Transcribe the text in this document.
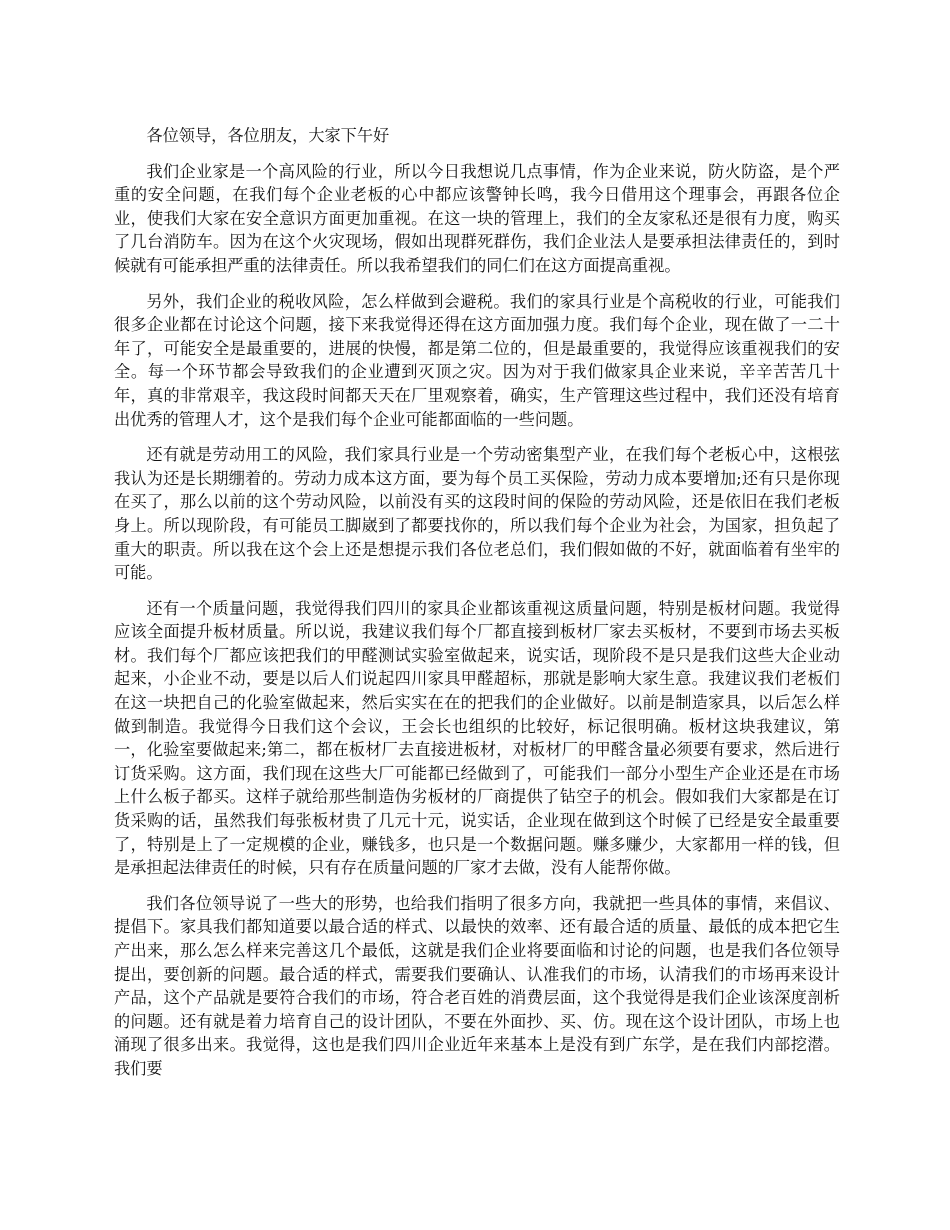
各位领导，各位朋友，大家下午好

我们企业家是一个高风险的行业，所以今日我想说几点事情，作为企业来说，防火防盗，是个严重的安全问题，在我们每个企业老板的心中都应该警钟长鸣，我今日借用这个理事会，再跟各位企业，使我们大家在安全意识方面更加重视。在这一块的管理上，我们的全友家私还是很有力度，购买了几台消防车。因为在这个火灾现场，假如出现群死群伤，我们企业法人是要承担法律责任的，到时候就有可能承担严重的法律责任。所以我希望我们的同仁们在这方面提高重视。

另外，我们企业的税收风险，怎么样做到会避税。我们的家具行业是个高税收的行业，可能我们很多企业都在讨论这个问题，接下来我觉得还得在这方面加强力度。我们每个企业，现在做了一二十年了，可能安全是最重要的，进展的快慢，都是第二位的，但是最重要的，我觉得应该重视我们的安全。每一个环节都会导致我们的企业遭到灭顶之灾。因为对于我们做家具企业来说，辛辛苦苦几十年，真的非常艰辛，我这段时间都天天在厂里观察着，确实，生产管理这些过程中，我们还没有培育出优秀的管理人才，这个是我们每个企业可能都面临的一些问题。

还有就是劳动用工的风险，我们家具行业是一个劳动密集型产业，在我们每个老板心中，这根弦我认为还是长期绷着的。劳动力成本这方面，要为每个员工买保险，劳动力成本要增加;还有只是你现在买了，那么以前的这个劳动风险，以前没有买的这段时间的保险的劳动风险，还是依旧在我们老板身上。所以现阶段，有可能员工脚崴到了都要找你的，所以我们每个企业为社会，为国家，担负起了重大的职责。所以我在这个会上还是想提示我们各位老总们，我们假如做的不好，就面临着有坐牢的可能。

还有一个质量问题，我觉得我们四川的家具企业都该重视这质量问题，特别是板材问题。我觉得应该全面提升板材质量。所以说，我建议我们每个厂都直接到板材厂家去买板材，不要到市场去买板材。我们每个厂都应该把我们的甲醛测试实验室做起来，说实话，现阶段不是只是我们这些大企业动起来，小企业不动，要是以后人们说起四川家具甲醛超标，那就是影响大家生意。我建议我们老板们在这一块把自己的化验室做起来，然后实实在在的把我们的企业做好。以前是制造家具，以后怎么样做到制造。我觉得今日我们这个会议，王会长也组织的比较好，标记很明确。板材这块我建议，第一，化验室要做起来;第二，都在板材厂去直接进板材，对板材厂的甲醛含量必须要有要求，然后进行订货采购。这方面，我们现在这些大厂可能都已经做到了，可能我们一部分小型生产企业还是在市场上什么板子都买。这样子就给那些制造伪劣板材的厂商提供了钻空子的机会。假如我们大家都是在订货采购的话，虽然我们每张板材贵了几元十元，说实话，企业现在做到这个时候了已经是安全最重要了，特别是上了一定规模的企业，赚钱多，也只是一个数据问题。赚多赚少，大家都用一样的钱，但是承担起法律责任的时候，只有存在质量问题的厂家才去做，没有人能帮你做。

我们各位领导说了一些大的形势，也给我们指明了很多方向，我就把一些具体的事情，来倡议、提倡下。家具我们都知道要以最合适的样式、以最快的效率、还有最合适的质量、最低的成本把它生产出来，那么怎么样来完善这几个最低，这就是我们企业将要面临和讨论的问题，也是我们各位领导提出，要创新的问题。最合适的样式，需要我们要确认、认准我们的市场，认清我们的市场再来设计产品，这个产品就是要符合我们的市场，符合老百姓的消费层面，这个我觉得是我们企业该深度剖析的问题。还有就是着力培育自己的设计团队，不要在外面抄、买、仿。现在这个设计团队，市场上也涌现了很多出来。我觉得，这也是我们四川企业近年来基本上是没有到广东学，是在我们内部挖潜。我们要
